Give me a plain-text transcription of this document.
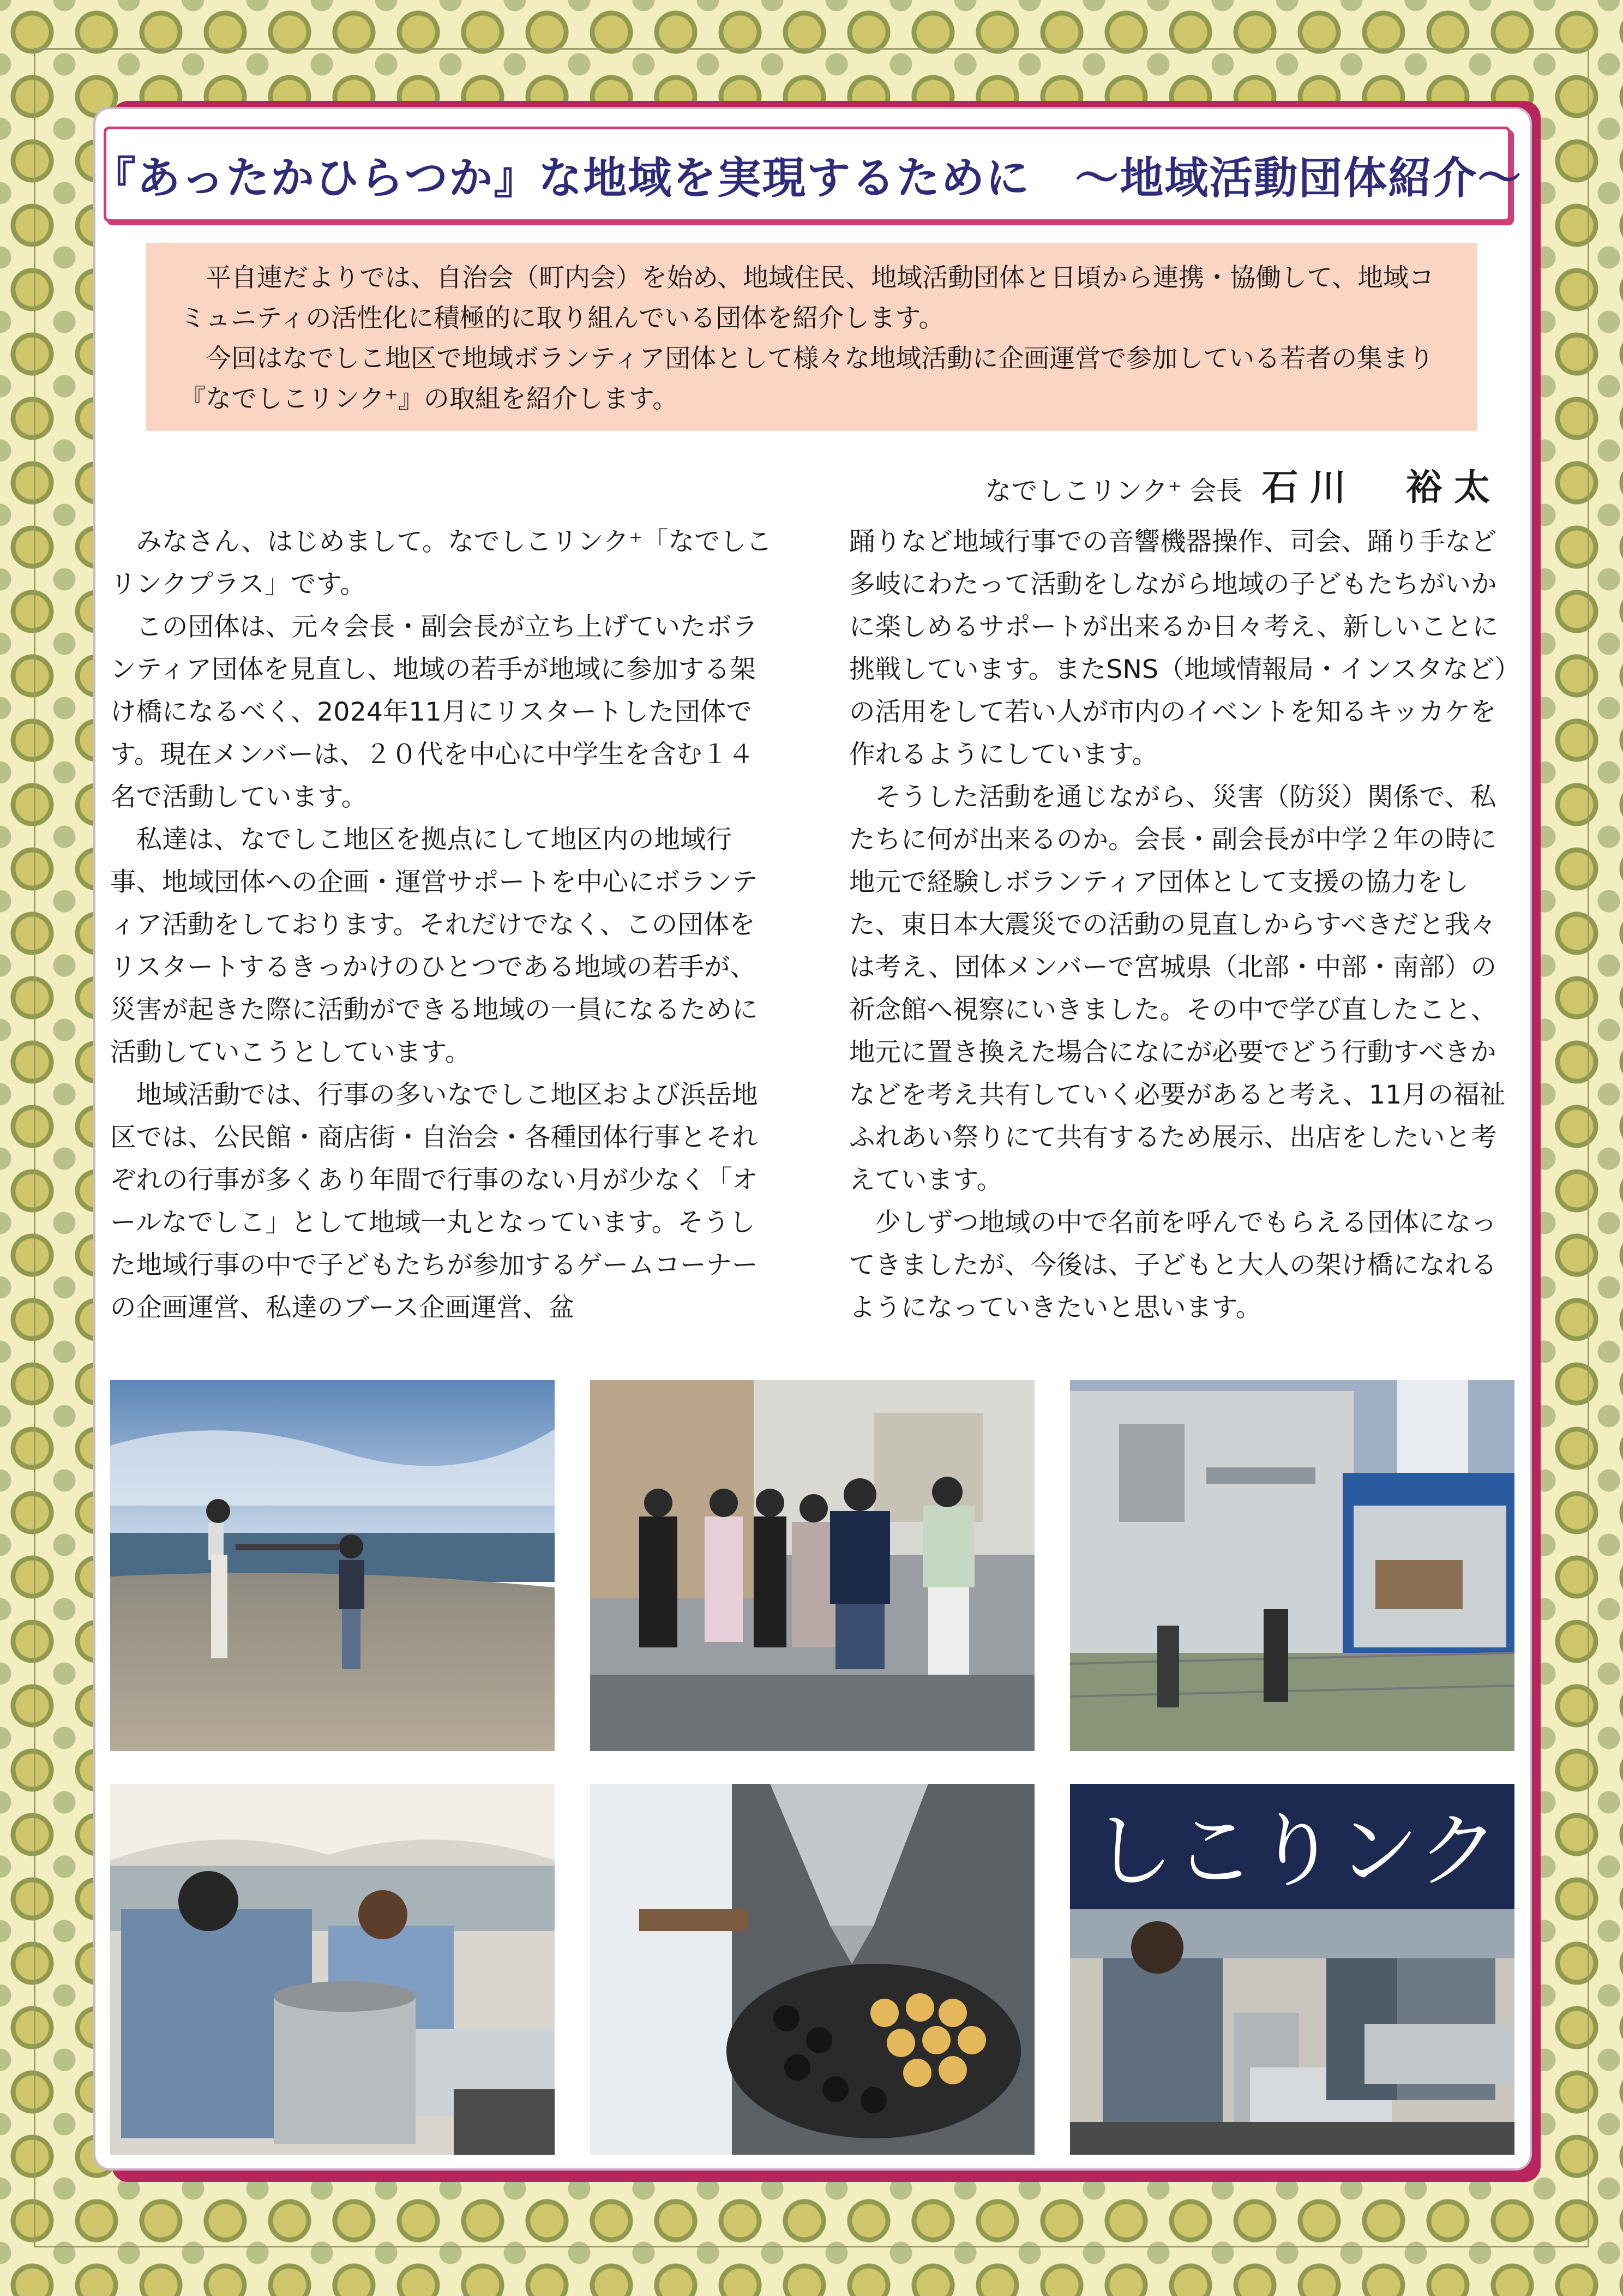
『あったかひらつか』な地域を実現するために　～地域活動団体紹介～

平自連だよりでは、自治会（町内会）を始め、地域住民、地域活動団体と日頃から連携・協働して、地域コミュニティの活性化に積極的に取り組んでいる団体を紹介します。

今回はなでしこ地区で地域ボランティア団体として様々な地域活動に企画運営で参加している若者の集まり『なでしこリンク⁺』の取組を紹介します。

なでしこリンク⁺ 会長 石川　裕太

みなさん、はじめまして。なでしこリンク⁺「なでしこリンクプラス」です。

この団体は、元々会長・副会長が立ち上げていたボランティア団体を見直し、地域の若手が地域に参加する架け橋になるべく、2024年11月にリスタートした団体です。現在メンバーは、２０代を中心に中学生を含む１４名で活動しています。

私達は、なでしこ地区を拠点にして地区内の地域行事、地域団体への企画・運営サポートを中心にボランティア活動をしております。それだけでなく、この団体をリスタートするきっかけのひとつである地域の若手が、災害が起きた際に活動ができる地域の一員になるために活動していこうとしています。

地域活動では、行事の多いなでしこ地区および浜岳地区では、公民館・商店街・自治会・各種団体行事とそれぞれの行事が多くあり年間で行事のない月が少なく「オールなでしこ」として地域一丸となっています。そうした地域行事の中で子どもたちが参加するゲームコーナーの企画運営、私達のブース企画運営、盆

踊りなど地域行事での音響機器操作、司会、踊り手など多岐にわたって活動をしながら地域の子どもたちがいかに楽しめるサポートが出来るか日々考え、新しいことに挑戦しています。またSNS（地域情報局・インスタなど）の活用をして若い人が市内のイベントを知るキッカケを作れるようにしています。

そうした活動を通じながら、災害（防災）関係で、私たちに何が出来るのか。会長・副会長が中学２年の時に地元で経験しボランティア団体として支援の協力をした、東日本大震災での活動の見直しからすべきだと我々は考え、団体メンバーで宮城県（北部・中部・南部）の祈念館へ視察にいきました。その中で学び直したこと、地元に置き換えた場合になにが必要でどう行動すべきかなどを考え共有していく必要があると考え、11月の福祉ふれあい祭りにて共有するため展示、出店をしたいと考えています。

少しずつ地域の中で名前を呼んでもらえる団体になってきましたが、今後は、子どもと大人の架け橋になれるようになっていきたいと思います。

しこりンク
